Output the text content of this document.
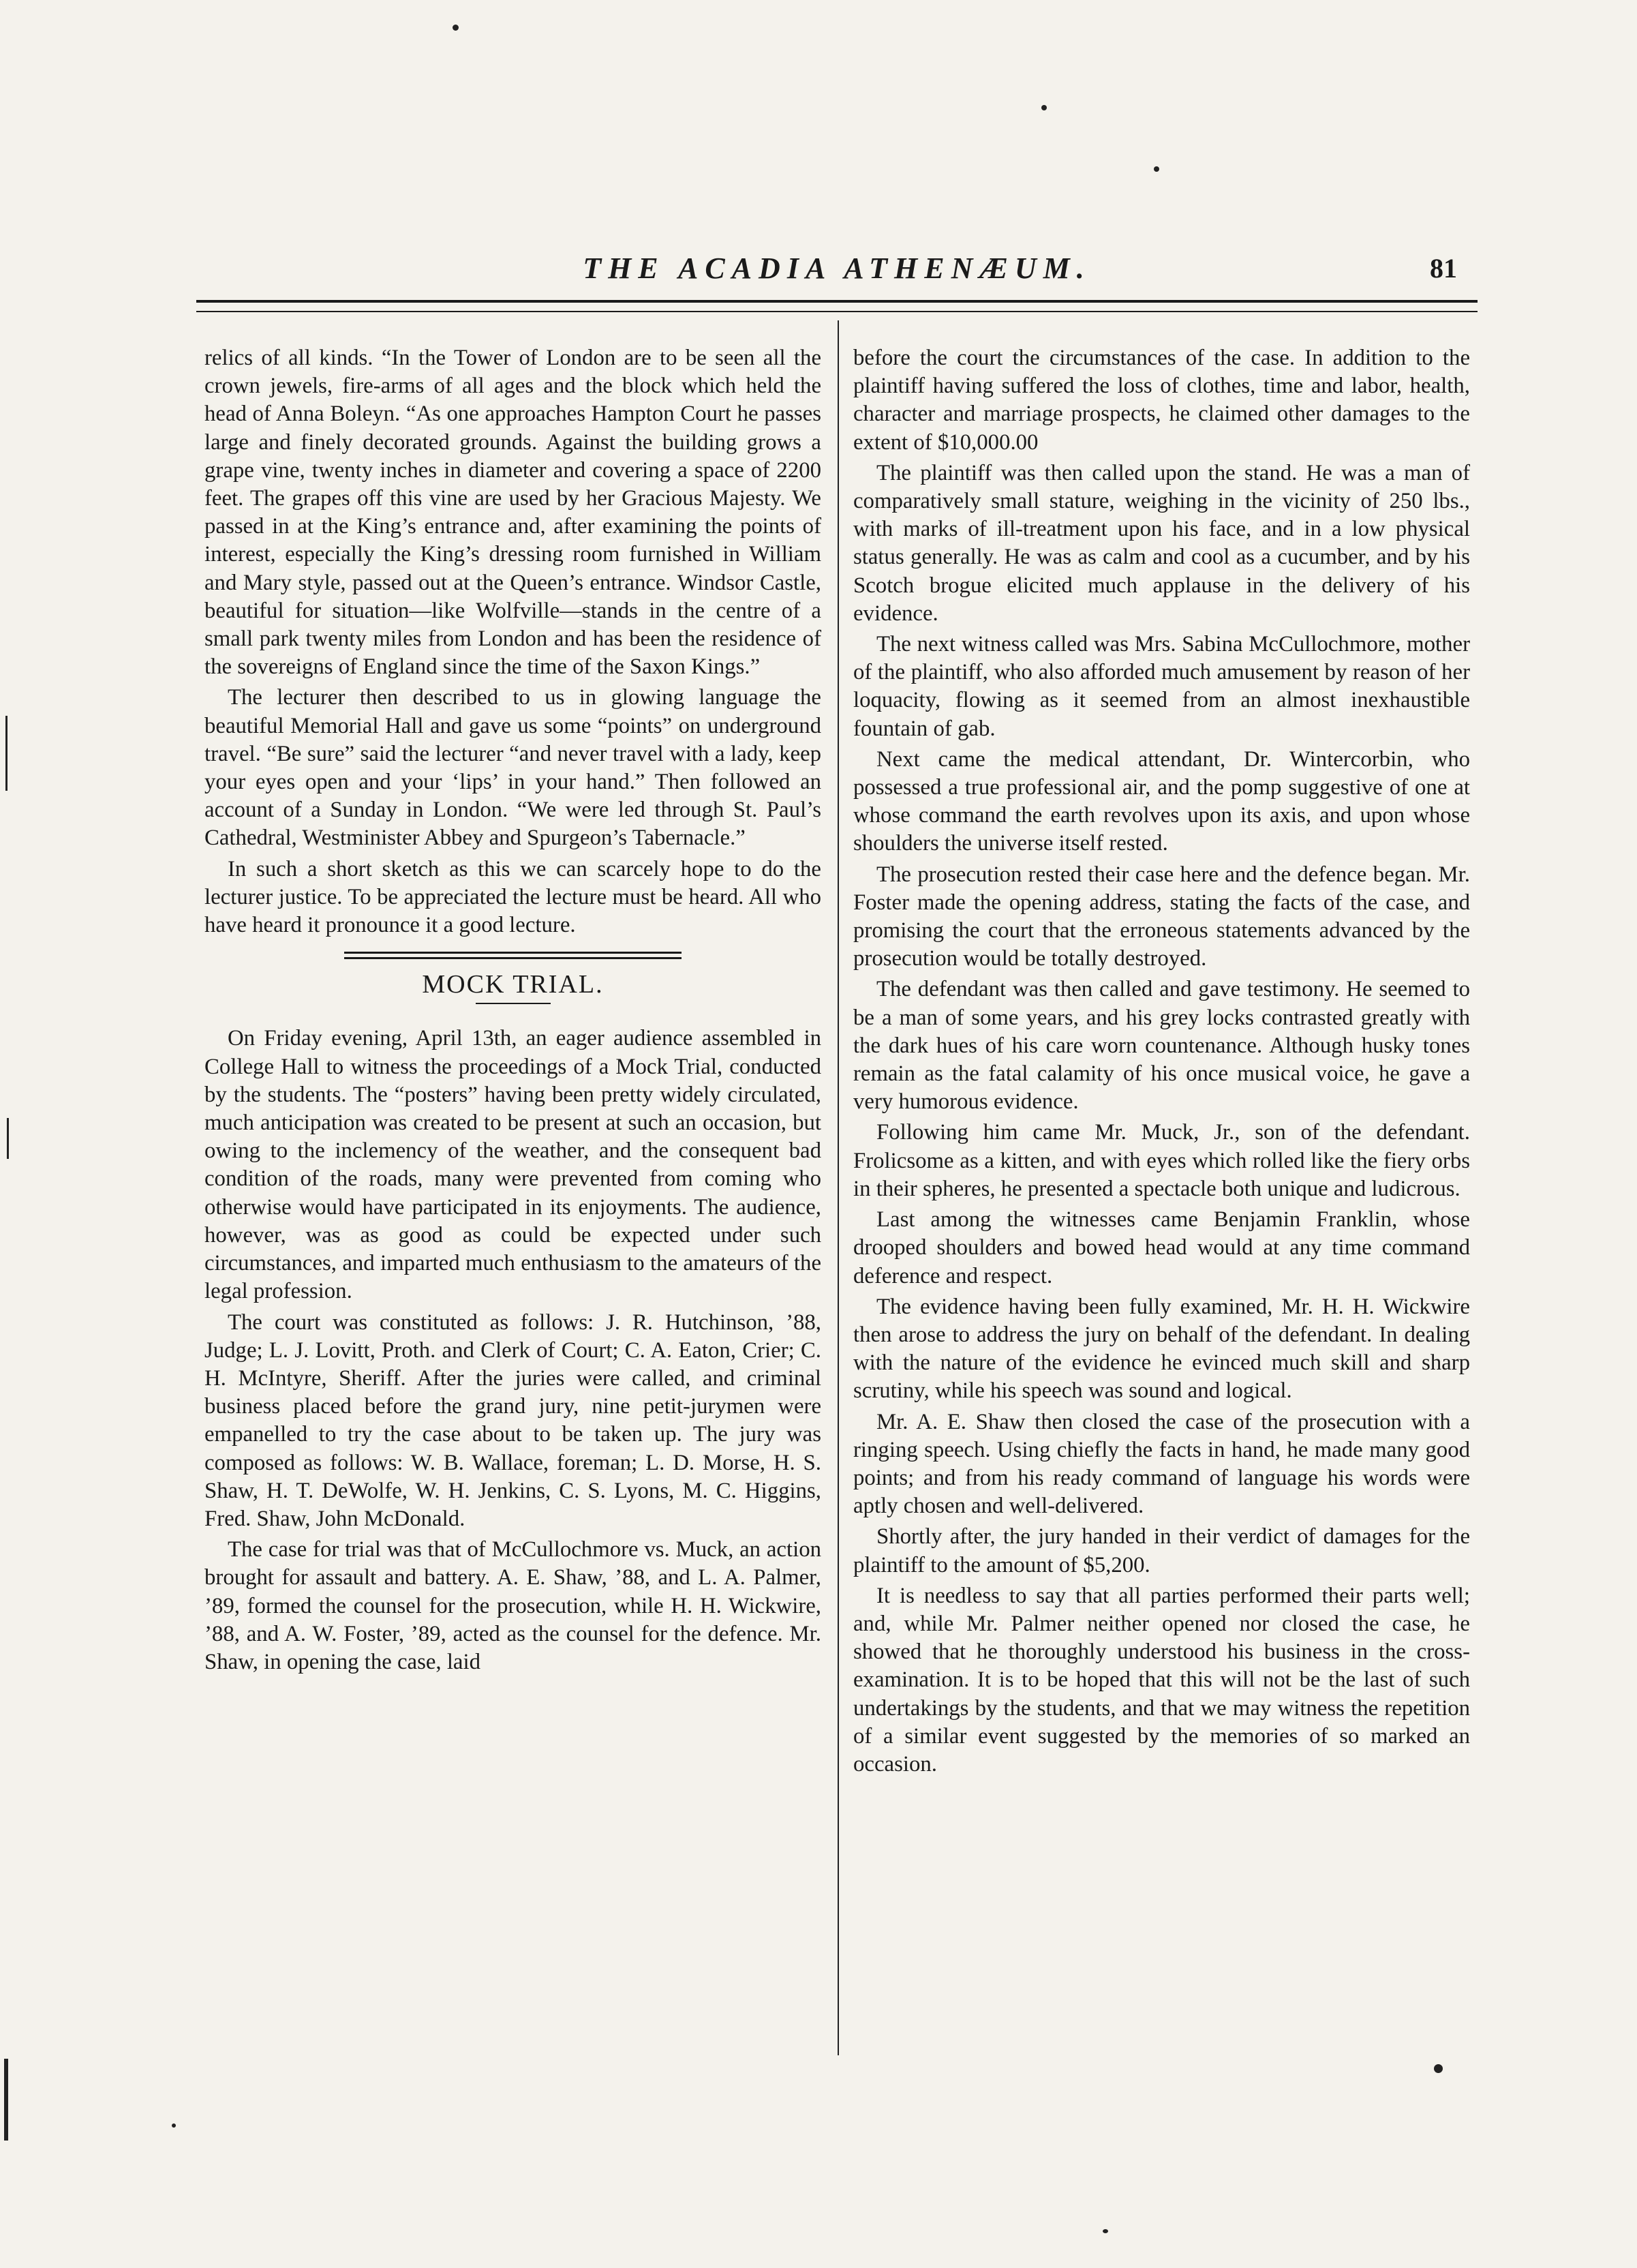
THE ACADIA ATHENÆUM.	81

relics of all kinds. “In the Tower of London are to be seen all the crown jewels, fire-arms of all ages and the block which held the head of Anna Boleyn. “As one approaches Hampton Court he passes large and finely decorated grounds. Against the building grows a grape vine, twenty inches in diameter and covering a space of 2200 feet. The grapes off this vine are used by her Gracious Majesty. We passed in at the King’s entrance and, after examining the points of interest, especially the King’s dressing room furnished in William and Mary style, passed out at the Queen’s entrance. Windsor Castle, beautiful for situation—like Wolfville—stands in the centre of a small park twenty miles from London and has been the residence of the sovereigns of England since the time of the Saxon Kings.”

The lecturer then described to us in glowing language the beautiful Memorial Hall and gave us some “points” on underground travel. “Be sure” said the lecturer “and never travel with a lady, keep your eyes open and your ‘lips’ in your hand.” Then followed an account of a Sunday in London. “We were led through St. Paul’s Cathedral, Westminister Abbey and Spurgeon’s Tabernacle.”

In such a short sketch as this we can scarcely hope to do the lecturer justice. To be appreciated the lecture must be heard. All who have heard it pronounce it a good lecture.

MOCK TRIAL.

On Friday evening, April 13th, an eager audience assembled in College Hall to witness the proceedings of a Mock Trial, conducted by the students. The “posters” having been pretty widely circulated, much anticipation was created to be present at such an occasion, but owing to the inclemency of the weather, and the consequent bad condition of the roads, many were prevented from coming who otherwise would have participated in its enjoyments. The audience, however, was as good as could be expected under such circumstances, and imparted much enthusiasm to the amateurs of the legal profession.

The court was constituted as follows: J. R. Hutchinson, ’88, Judge; L. J. Lovitt, Proth. and Clerk of Court; C. A. Eaton, Crier; C. H. McIntyre, Sheriff. After the juries were called, and criminal business placed before the grand jury, nine petit-jurymen were empanelled to try the case about to be taken up. The jury was composed as follows: W. B. Wallace, foreman; L. D. Morse, H. S. Shaw, H. T. DeWolfe, W. H. Jenkins, C. S. Lyons, M. C. Higgins, Fred. Shaw, John McDonald.

The case for trial was that of McCullochmore vs. Muck, an action brought for assault and battery. A. E. Shaw, ’88, and L. A. Palmer, ’89, formed the counsel for the prosecution, while H. H. Wickwire, ’88, and A. W. Foster, ’89, acted as the counsel for the defence. Mr. Shaw, in opening the case, laid

before the court the circumstances of the case. In addition to the plaintiff having suffered the loss of clothes, time and labor, health, character and marriage prospects, he claimed other damages to the extent of $10,000.00

The plaintiff was then called upon the stand. He was a man of comparatively small stature, weighing in the vicinity of 250 lbs., with marks of ill-treatment upon his face, and in a low physical status generally. He was as calm and cool as a cucumber, and by his Scotch brogue elicited much applause in the delivery of his evidence.

The next witness called was Mrs. Sabina McCullochmore, mother of the plaintiff, who also afforded much amusement by reason of her loquacity, flowing as it seemed from an almost inexhaustible fountain of gab.

Next came the medical attendant, Dr. Wintercorbin, who possessed a true professional air, and the pomp suggestive of one at whose command the earth revolves upon its axis, and upon whose shoulders the universe itself rested.

The prosecution rested their case here and the defence began. Mr. Foster made the opening address, stating the facts of the case, and promising the court that the erroneous statements advanced by the prosecution would be totally destroyed.

The defendant was then called and gave testimony. He seemed to be a man of some years, and his grey locks contrasted greatly with the dark hues of his care worn countenance. Although husky tones remain as the fatal calamity of his once musical voice, he gave a very humorous evidence.

Following him came Mr. Muck, Jr., son of the defendant. Frolicsome as a kitten, and with eyes which rolled like the fiery orbs in their spheres, he presented a spectacle both unique and ludicrous.

Last among the witnesses came Benjamin Franklin, whose drooped shoulders and bowed head would at any time command deference and respect.

The evidence having been fully examined, Mr. H. H. Wickwire then arose to address the jury on behalf of the defendant. In dealing with the nature of the evidence he evinced much skill and sharp scrutiny, while his speech was sound and logical.

Mr. A. E. Shaw then closed the case of the prosecution with a ringing speech. Using chiefly the facts in hand, he made many good points; and from his ready command of language his words were aptly chosen and well-delivered.

Shortly after, the jury handed in their verdict of damages for the plaintiff to the amount of $5,200.

It is needless to say that all parties performed their parts well; and, while Mr. Palmer neither opened nor closed the case, he showed that he thoroughly understood his business in the cross-examination. It is to be hoped that this will not be the last of such undertakings by the students, and that we may witness the repetition of a similar event suggested by the memories of so marked an occasion.
